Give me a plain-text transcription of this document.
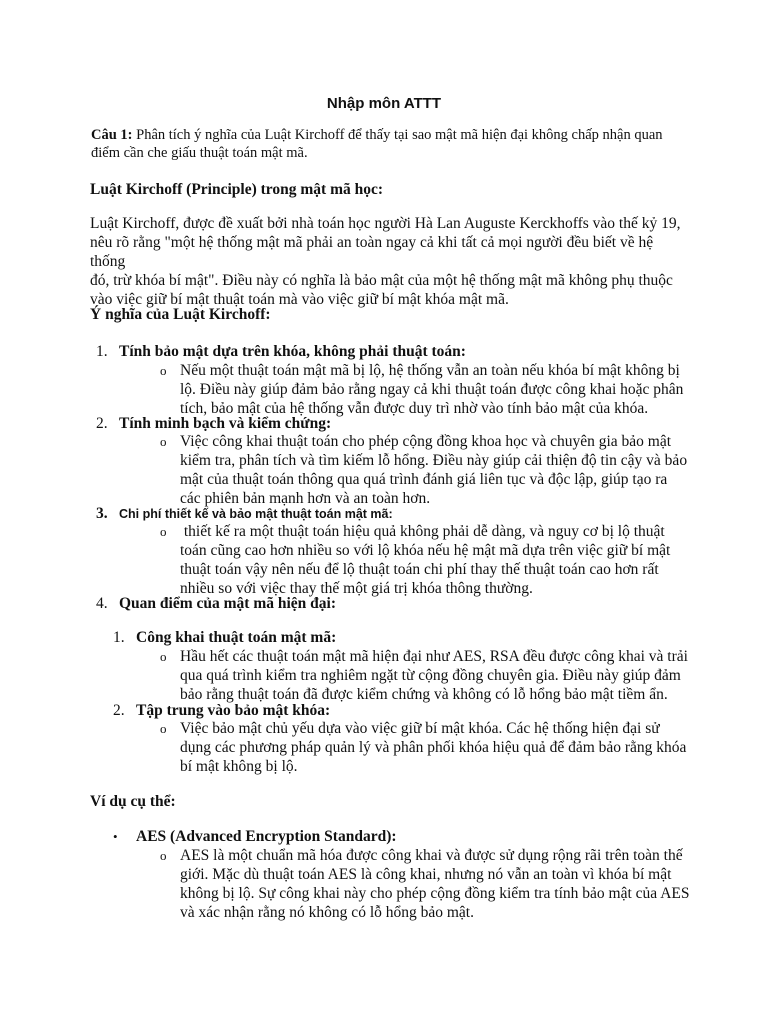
Nhập môn ATTT
Câu 1: Phân tích ý nghĩa của Luật Kirchoff để thấy tại sao mật mã hiện đại không chấp nhận quan điểm cần che giấu thuật toán mật mã.
Luật Kirchoff (Principle) trong mật mã học:
Luật Kirchoff, được đề xuất bởi nhà toán học người Hà Lan Auguste Kerckhoffs vào thế kỷ 19,
nêu rõ rằng "một hệ thống mật mã phải an toàn ngay cả khi tất cả mọi người đều biết về hệ thống
đó, trừ khóa bí mật". Điều này có nghĩa là bảo mật của một hệ thống mật mã không phụ thuộc
vào việc giữ bí mật thuật toán mà vào việc giữ bí mật khóa mật mã.
Ý nghĩa của Luật Kirchoff:
1. Tính bảo mật dựa trên khóa, không phải thuật toán:
o Nếu một thuật toán mật mã bị lộ, hệ thống vẫn an toàn nếu khóa bí mật không bị
lộ. Điều này giúp đảm bảo rằng ngay cả khi thuật toán được công khai hoặc phân
tích, bảo mật của hệ thống vẫn được duy trì nhờ vào tính bảo mật của khóa.
2. Tính minh bạch và kiểm chứng:
o Việc công khai thuật toán cho phép cộng đồng khoa học và chuyên gia bảo mật
kiểm tra, phân tích và tìm kiếm lỗ hổng. Điều này giúp cải thiện độ tin cậy và bảo
mật của thuật toán thông qua quá trình đánh giá liên tục và độc lập, giúp tạo ra
các phiên bản mạnh hơn và an toàn hơn.
3. Chi phí thiết kế và bảo mật thuật toán mật mã:
o thiết kế ra một thuật toán hiệu quả không phải dễ dàng, và nguy cơ bị lộ thuật
toán cũng cao hơn nhiều so với lộ khóa nếu hệ mật mã dựa trên việc giữ bí mật
thuật toán vậy nên nếu để lộ thuật toán chi phí thay thế thuật toán cao hơn rất
nhiều so với việc thay thế một giá trị khóa thông thường.
4. Quan điểm của mật mã hiện đại:
1. Công khai thuật toán mật mã:
o Hầu hết các thuật toán mật mã hiện đại như AES, RSA đều được công khai và trải
qua quá trình kiểm tra nghiêm ngặt từ cộng đồng chuyên gia. Điều này giúp đảm
bảo rằng thuật toán đã được kiểm chứng và không có lỗ hổng bảo mật tiềm ẩn.
2. Tập trung vào bảo mật khóa:
o Việc bảo mật chủ yếu dựa vào việc giữ bí mật khóa. Các hệ thống hiện đại sử
dụng các phương pháp quản lý và phân phối khóa hiệu quả để đảm bảo rằng khóa
bí mật không bị lộ.
Ví dụ cụ thể:
• AES (Advanced Encryption Standard):
o AES là một chuẩn mã hóa được công khai và được sử dụng rộng rãi trên toàn thế
giới. Mặc dù thuật toán AES là công khai, nhưng nó vẫn an toàn vì khóa bí mật
không bị lộ. Sự công khai này cho phép cộng đồng kiểm tra tính bảo mật của AES
và xác nhận rằng nó không có lỗ hổng bảo mật.
